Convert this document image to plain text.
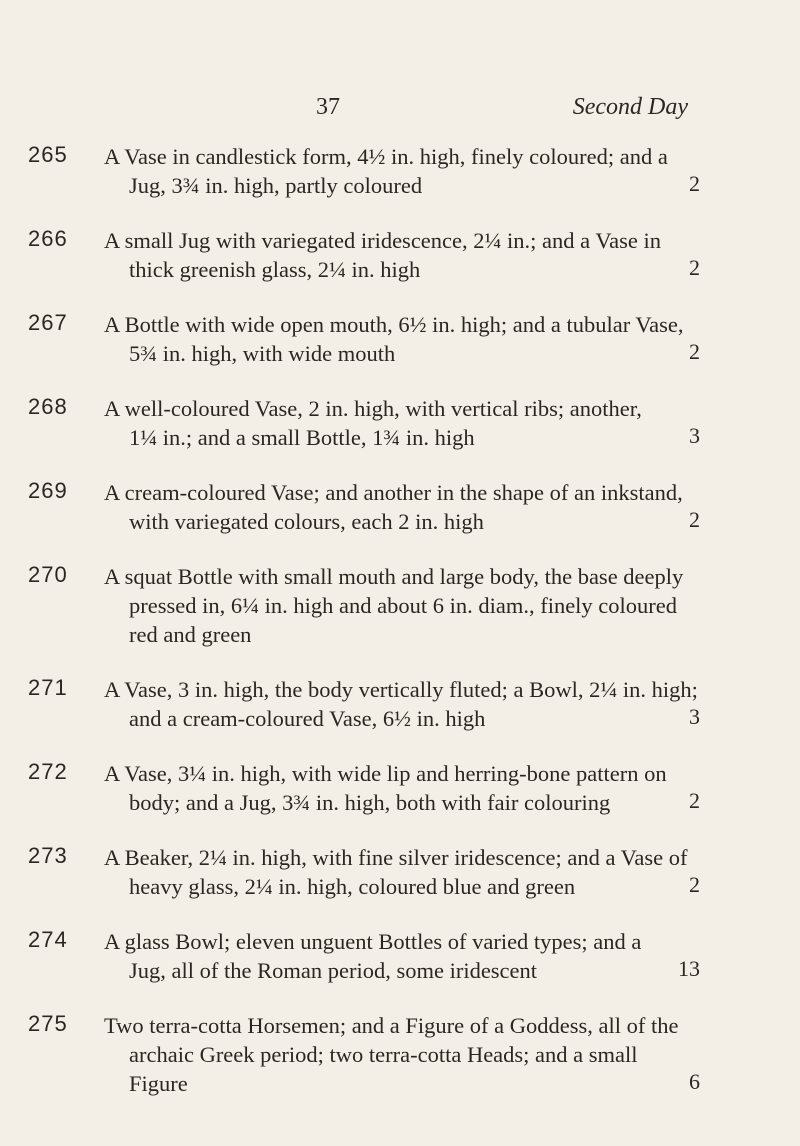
37	Second Day
265 A Vase in candlestick form, 4½ in. high, finely coloured; and a
Jug, 3¾ in. high, partly coloured	2
266 A small Jug with variegated iridescence, 2¼ in.; and a Vase in
thick greenish glass, 2¼ in. high	2
267 A Bottle with wide open mouth, 6½ in. high; and a tubular Vase,
5¾ in. high, with wide mouth	2
268 A well-coloured Vase, 2 in. high, with vertical ribs; another,
1¼ in.; and a small Bottle, 1¾ in. high	3
269 A cream-coloured Vase; and another in the shape of an inkstand,
with variegated colours, each 2 in. high	2
270 A squat Bottle with small mouth and large body, the base deeply
pressed in, 6¼ in. high and about 6 in. diam., finely coloured
red and green
271 A Vase, 3 in. high, the body vertically fluted; a Bowl, 2¼ in. high;
and a cream-coloured Vase, 6½ in. high	3
272 A Vase, 3¼ in. high, with wide lip and herring-bone pattern on
body; and a Jug, 3¾ in. high, both with fair colouring	2
273 A Beaker, 2¼ in. high, with fine silver iridescence; and a Vase of
heavy glass, 2¼ in. high, coloured blue and green	2
274 A glass Bowl; eleven unguent Bottles of varied types; and a
Jug, all of the Roman period, some iridescent	13
275 Two terra-cotta Horsemen; and a Figure of a Goddess, all of the
archaic Greek period; two terra-cotta Heads; and a small
Figure	6
